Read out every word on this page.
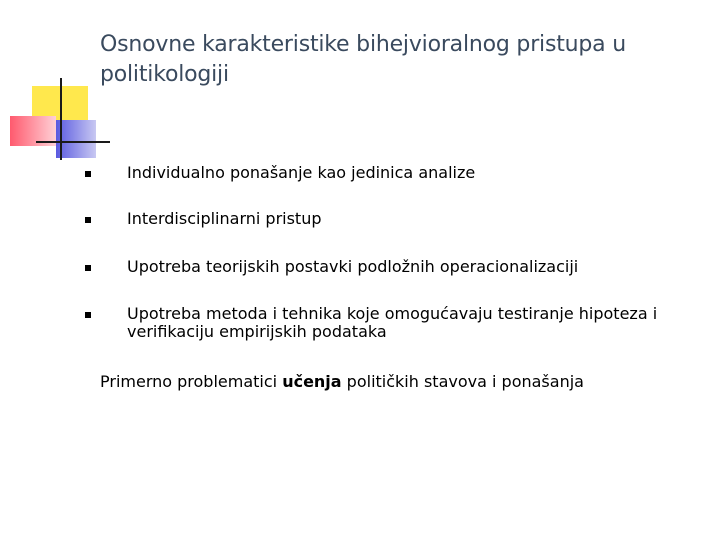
Osnovne karakteristike bihejvioralnog pristupa u
politikologiji
Individualno ponašanje kao jedinica analize
Interdisciplinarni pristup
Upotreba teorijskih postavki podložnih operacionalizaciji
Upotreba metoda i tehnika koje omogućavaju testiranje hipoteza i verifikaciju empirijskih podataka
Primerno problematici učenja političkih stavova i ponašanja
